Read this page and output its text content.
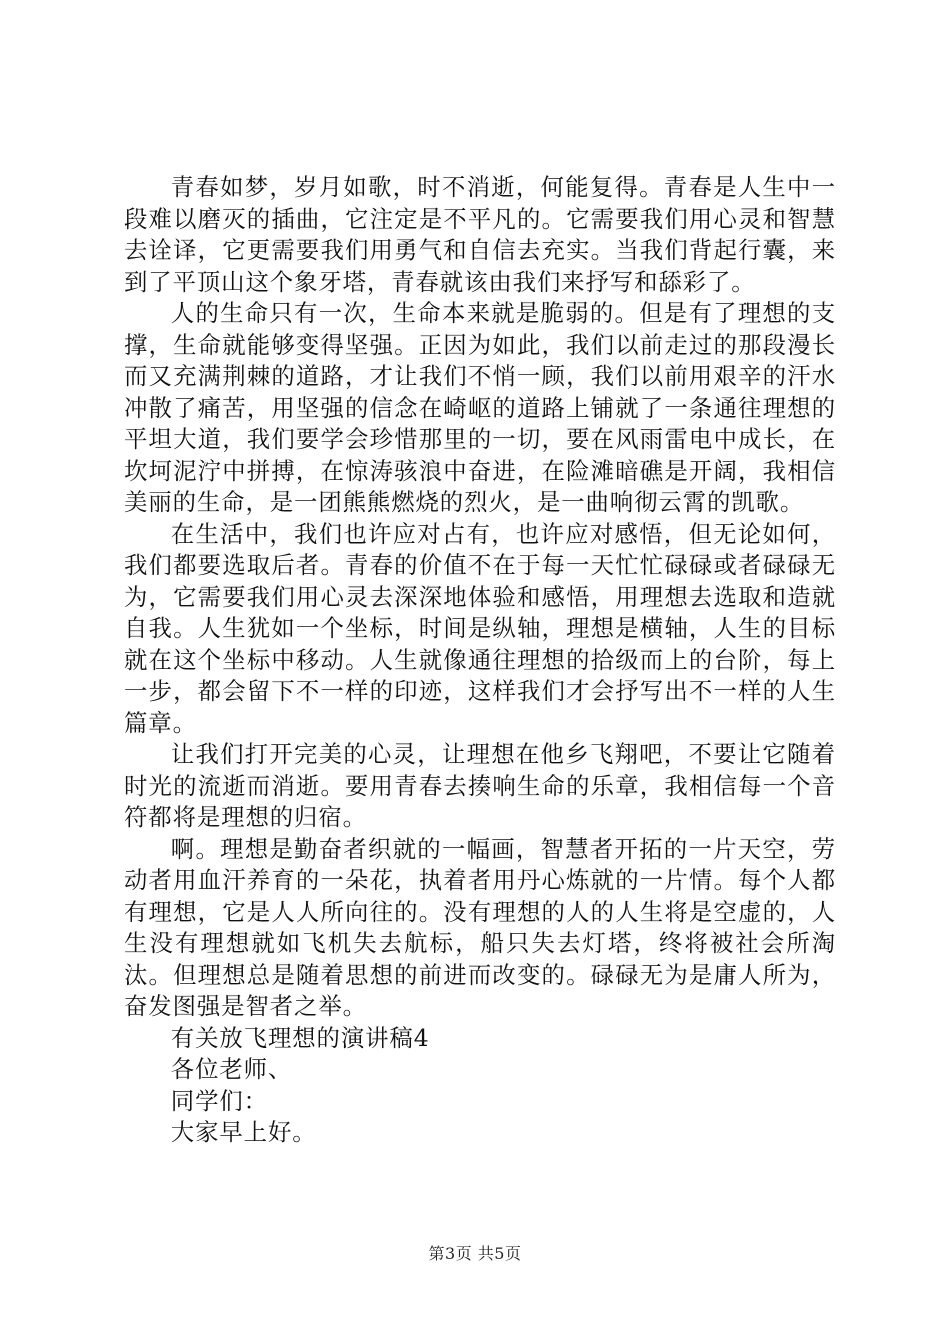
青春如梦，岁月如歌，时不消逝，何能复得。青春是人生中一段难以磨灭的插曲，它注定是不平凡的。它需要我们用心灵和智慧去诠译，它更需要我们用勇气和自信去充实。当我们背起行囊，来到了平顶山这个象牙塔，青春就该由我们来抒写和舔彩了。

人的生命只有一次，生命本来就是脆弱的。但是有了理想的支撑，生命就能够变得坚强。正因为如此，我们以前走过的那段漫长而又充满荆棘的道路，才让我们不悄一顾，我们以前用艰辛的汗水冲散了痛苦，用坚强的信念在崎岖的道路上铺就了一条通往理想的平坦大道，我们要学会珍惜那里的一切，要在风雨雷电中成长，在坎坷泥泞中拼搏，在惊涛骇浪中奋进，在险滩暗礁是开阔，我相信美丽的生命，是一团熊熊燃烧的烈火，是一曲响彻云霄的凯歌。

在生活中，我们也许应对占有，也许应对感悟，但无论如何，我们都要选取后者。青春的价值不在于每一天忙忙碌碌或者碌碌无为，它需要我们用心灵去深深地体验和感悟，用理想去选取和造就自我。人生犹如一个坐标，时间是纵轴，理想是横轴，人生的目标就在这个坐标中移动。人生就像通往理想的拾级而上的台阶，每上一步，都会留下不一样的印迹，这样我们才会抒写出不一样的人生篇章。

让我们打开完美的心灵，让理想在他乡飞翔吧，不要让它随着时光的流逝而消逝。要用青春去揍响生命的乐章，我相信每一个音符都将是理想的归宿。

啊。理想是勤奋者织就的一幅画，智慧者开拓的一片天空，劳动者用血汗养育的一朵花，执着者用丹心炼就的一片情。每个人都有理想，它是人人所向往的。没有理想的人的人生将是空虚的，人生没有理想就如飞机失去航标，船只失去灯塔，终将被社会所淘汰。但理想总是随着思想的前进而改变的。碌碌无为是庸人所为，奋发图强是智者之举。

有关放飞理想的演讲稿4

各位老师、

同学们：

大家早上好。

第3页 共5页
